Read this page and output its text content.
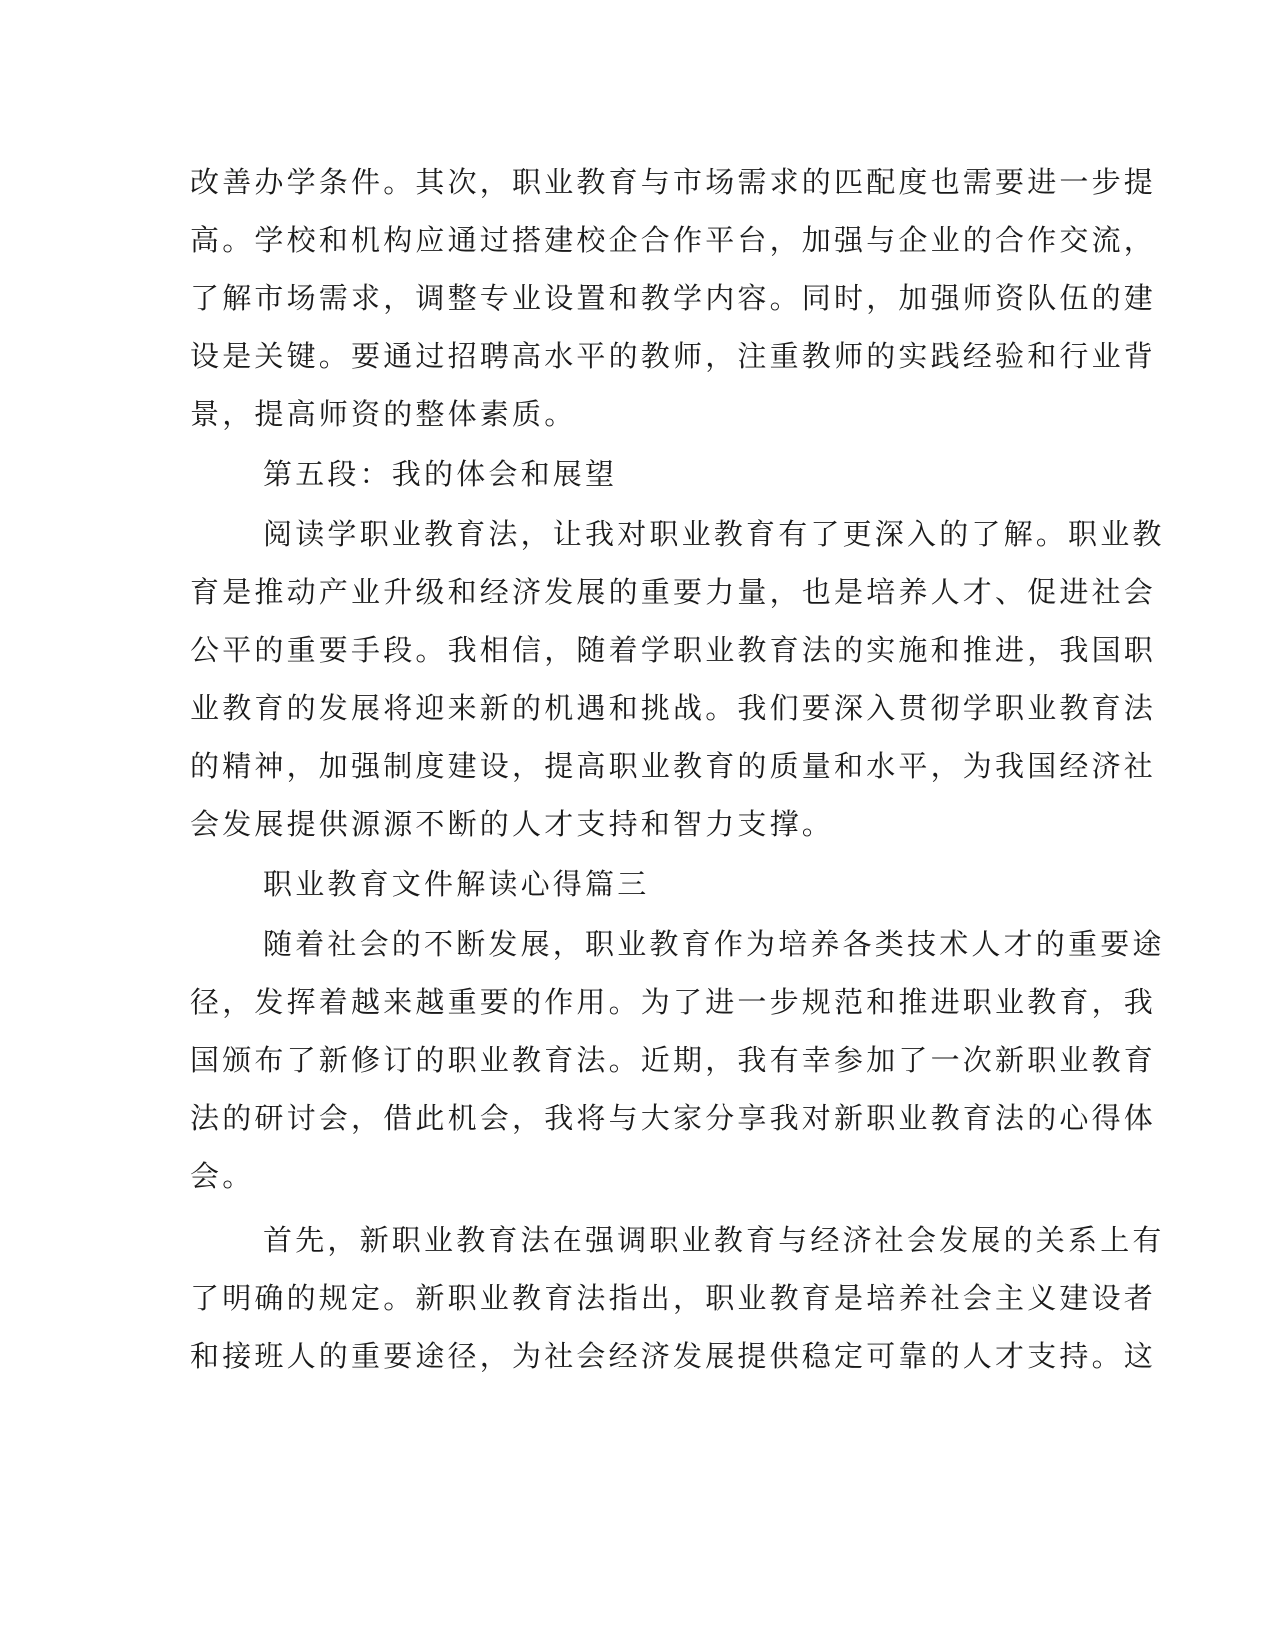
改善办学条件。其次，职业教育与市场需求的匹配度也需要进一步提
高。学校和机构应通过搭建校企合作平台，加强与企业的合作交流，
了解市场需求，调整专业设置和教学内容。同时，加强师资队伍的建
设是关键。要通过招聘高水平的教师，注重教师的实践经验和行业背
景，提高师资的整体素质。
第五段：我的体会和展望
阅读学职业教育法，让我对职业教育有了更深入的了解。职业教
育是推动产业升级和经济发展的重要力量，也是培养人才、促进社会
公平的重要手段。我相信，随着学职业教育法的实施和推进，我国职
业教育的发展将迎来新的机遇和挑战。我们要深入贯彻学职业教育法
的精神，加强制度建设，提高职业教育的质量和水平，为我国经济社
会发展提供源源不断的人才支持和智力支撑。
职业教育文件解读心得篇三
随着社会的不断发展，职业教育作为培养各类技术人才的重要途
径，发挥着越来越重要的作用。为了进一步规范和推进职业教育，我
国颁布了新修订的职业教育法。近期，我有幸参加了一次新职业教育
法的研讨会，借此机会，我将与大家分享我对新职业教育法的心得体
会。
首先，新职业教育法在强调职业教育与经济社会发展的关系上有
了明确的规定。新职业教育法指出，职业教育是培养社会主义建设者
和接班人的重要途径，为社会经济发展提供稳定可靠的人才支持。这
